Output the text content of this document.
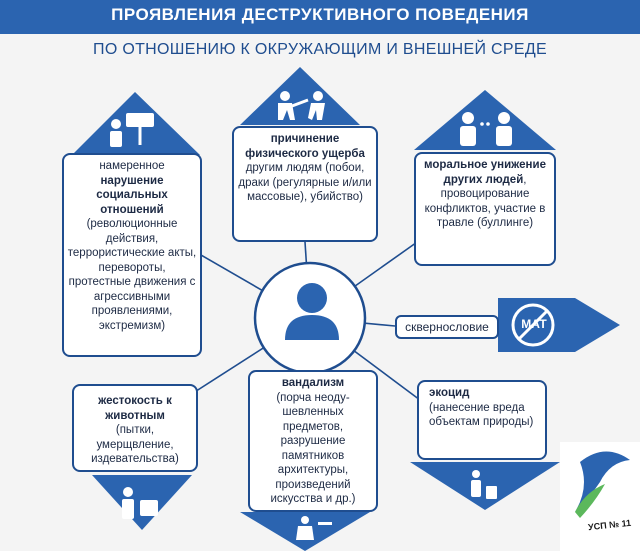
ПРОЯВЛЕНИЯ ДЕСТРУКТИВНОГО ПОВЕДЕНИЯ
ПО ОТНОШЕНИЮ К ОКРУЖАЮЩИМ И ВНЕШНЕЙ СРЕДЕ
намеренное
нарушение социальных отношений
(революционные действия, террористические акты, перевороты, протестные движения с агрессивными проявлениями, экстремизм)
причинение физического ущерба другим людям (побои, драки (регулярные и/или массовые), убийство)
моральное унижение других людей, провоцирование конфликтов, участие в травле (буллинге)
сквернословие	МАТ
жестокость к животным
(пытки, умерщвление, издевательства)
вандализм
(порча неоду-шевленных предметов, разрушение памятников архитектуры, произведений искусства и др.)
экоцид
(нанесение вреда объектам природы)
УСП № 11
